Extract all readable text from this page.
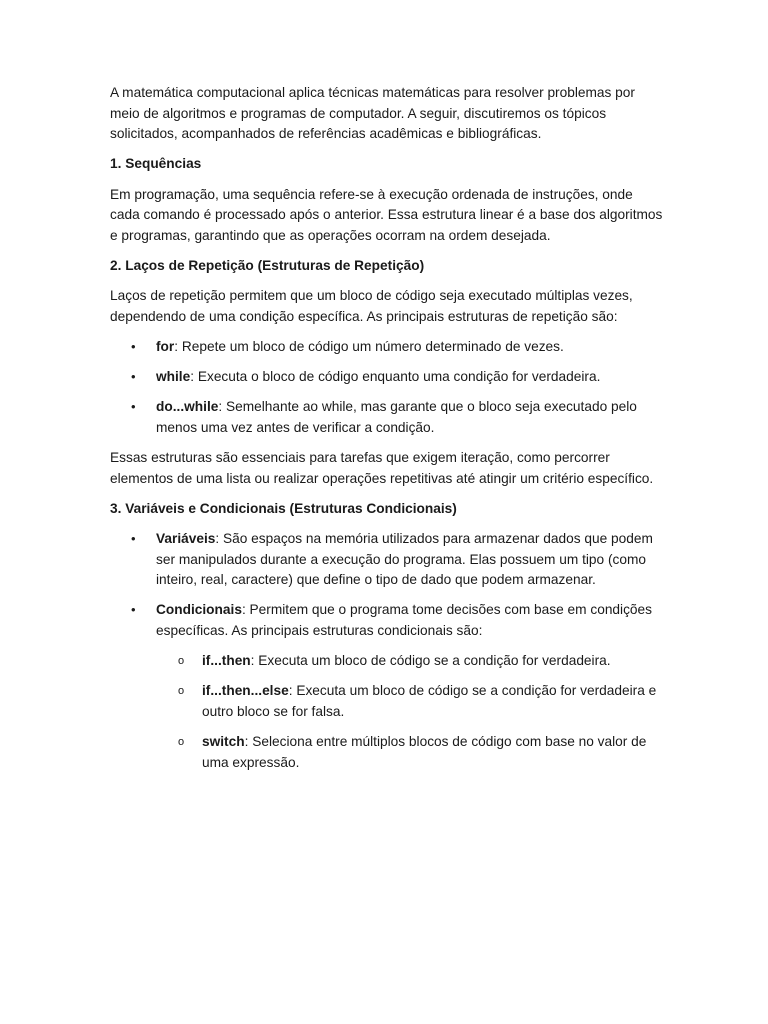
A matemática computacional aplica técnicas matemáticas para resolver problemas por meio de algoritmos e programas de computador. A seguir, discutiremos os tópicos solicitados, acompanhados de referências acadêmicas e bibliográficas.

1. Sequências

Em programação, uma sequência refere-se à execução ordenada de instruções, onde cada comando é processado após o anterior. Essa estrutura linear é a base dos algoritmos e programas, garantindo que as operações ocorram na ordem desejada.

2. Laços de Repetição (Estruturas de Repetição)

Laços de repetição permitem que um bloco de código seja executado múltiplas vezes, dependendo de uma condição específica. As principais estruturas de repetição são:

• for: Repete um bloco de código um número determinado de vezes.
• while: Executa o bloco de código enquanto uma condição for verdadeira.
• do...while: Semelhante ao while, mas garante que o bloco seja executado pelo menos uma vez antes de verificar a condição.

Essas estruturas são essenciais para tarefas que exigem iteração, como percorrer elementos de uma lista ou realizar operações repetitivas até atingir um critério específico.

3. Variáveis e Condicionais (Estruturas Condicionais)
• Variáveis: São espaços na memória utilizados para armazenar dados que podem ser manipulados durante a execução do programa. Elas possuem um tipo (como inteiro, real, caractere) que define o tipo de dado que podem armazenar.
• Condicionais: Permitem que o programa tome decisões com base em condições específicas. As principais estruturas condicionais são:
o if...then: Executa um bloco de código se a condição for verdadeira.
o if...then...else: Executa um bloco de código se a condição for verdadeira e outro bloco se for falsa.
o switch: Seleciona entre múltiplos blocos de código com base no valor de uma expressão.
